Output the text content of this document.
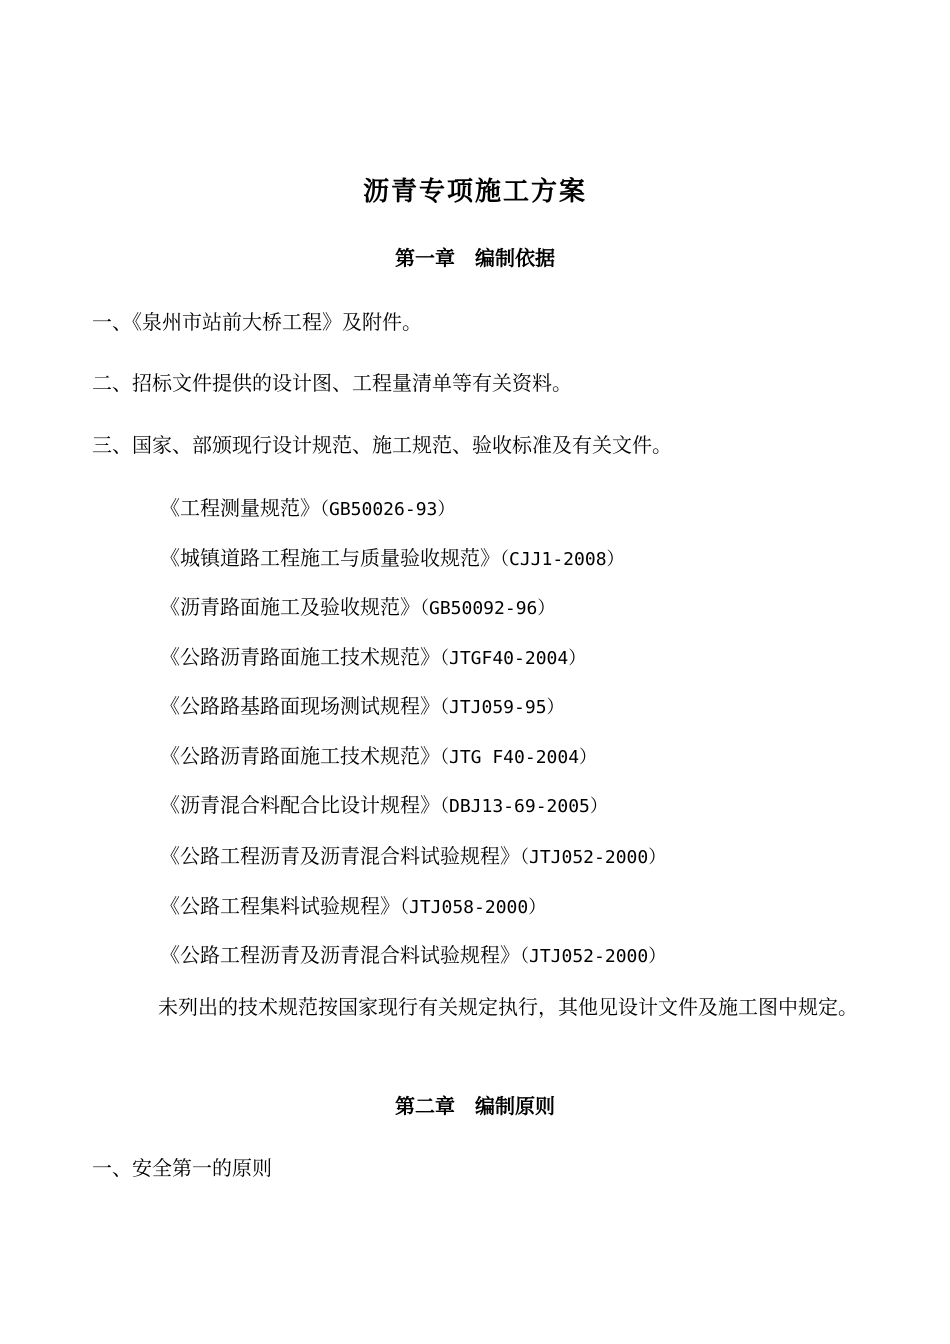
沥青专项施工方案
第一章　编制依据
一、《泉州市站前大桥工程》及附件。
二、招标文件提供的设计图、工程量清单等有关资料。
三、国家、部颁现行设计规范、施工规范、验收标准及有关文件。
《工程测量规范》（GB50026-93）
《城镇道路工程施工与质量验收规范》（CJJ1-2008）
《沥青路面施工及验收规范》（GB50092-96）
《公路沥青路面施工技术规范》（JTGF40-2004）
《公路路基路面现场测试规程》（JTJ059-95）
《公路沥青路面施工技术规范》（JTG F40-2004）
《沥青混合料配合比设计规程》（DBJ13-69-2005）
《公路工程沥青及沥青混合料试验规程》（JTJ052-2000）
《公路工程集料试验规程》（JTJ058-2000）
《公路工程沥青及沥青混合料试验规程》（JTJ052-2000）
未列出的技术规范按国家现行有关规定执行，其他见设计文件及施工图中规定。
第二章　编制原则
一、安全第一的原则
